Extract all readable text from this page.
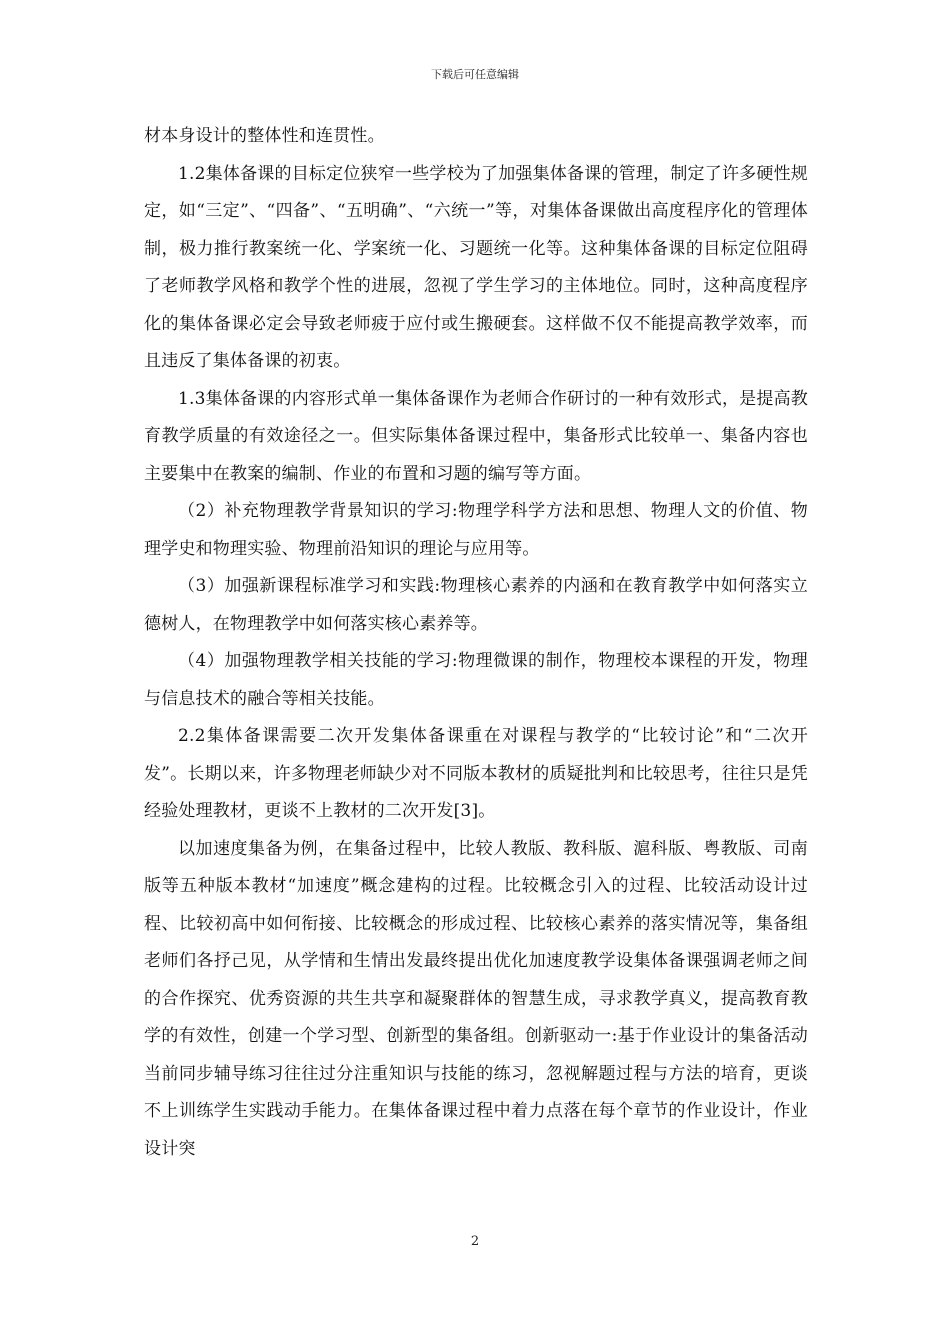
下载后可任意编辑

材本身设计的整体性和连贯性。

1.2集体备课的目标定位狭窄一些学校为了加强集体备课的管理，制定了许多硬性规定，如“三定”、“四备”、“五明确”、“六统一”等，对集体备课做出高度程序化的管理体制，极力推行教案统一化、学案统一化、习题统一化等。这种集体备课的目标定位阻碍了老师教学风格和教学个性的进展，忽视了学生学习的主体地位。同时，这种高度程序化的集体备课必定会导致老师疲于应付或生搬硬套。这样做不仅不能提高教学效率，而且违反了集体备课的初衷。

1.3集体备课的内容形式单一集体备课作为老师合作研讨的一种有效形式，是提高教育教学质量的有效途径之一。但实际集体备课过程中，集备形式比较单一、集备内容也主要集中在教案的编制、作业的布置和习题的编写等方面。

（2）补充物理教学背景知识的学习:物理学科学方法和思想、物理人文的价值、物理学史和物理实验、物理前沿知识的理论与应用等。

（3）加强新课程标准学习和实践:物理核心素养的内涵和在教育教学中如何落实立德树人，在物理教学中如何落实核心素养等。

（4）加强物理教学相关技能的学习:物理微课的制作，物理校本课程的开发，物理与信息技术的融合等相关技能。

2.2集体备课需要二次开发集体备课重在对课程与教学的“比较讨论”和“二次开发”。长期以来，许多物理老师缺少对不同版本教材的质疑批判和比较思考，往往只是凭经验处理教材，更谈不上教材的二次开发[3]。

以加速度集备为例，在集备过程中，比较人教版、教科版、滬科版、粤教版、司南版等五种版本教材“加速度”概念建构的过程。比较概念引入的过程、比较活动设计过程、比较初高中如何衔接、比较概念的形成过程、比较核心素养的落实情况等，集备组老师们各抒己见，从学情和生情出发最终提出优化加速度教学设集体备课强调老师之间的合作探究、优秀资源的共生共享和凝聚群体的智慧生成，寻求教学真义，提高教育教学的有效性，创建一个学习型、创新型的集备组。创新驱动一:基于作业设计的集备活动当前同步辅导练习往往过分注重知识与技能的练习，忽视解题过程与方法的培育，更谈不上训练学生实践动手能力。在集体备课过程中着力点落在每个章节的作业设计，作业设计突

2
